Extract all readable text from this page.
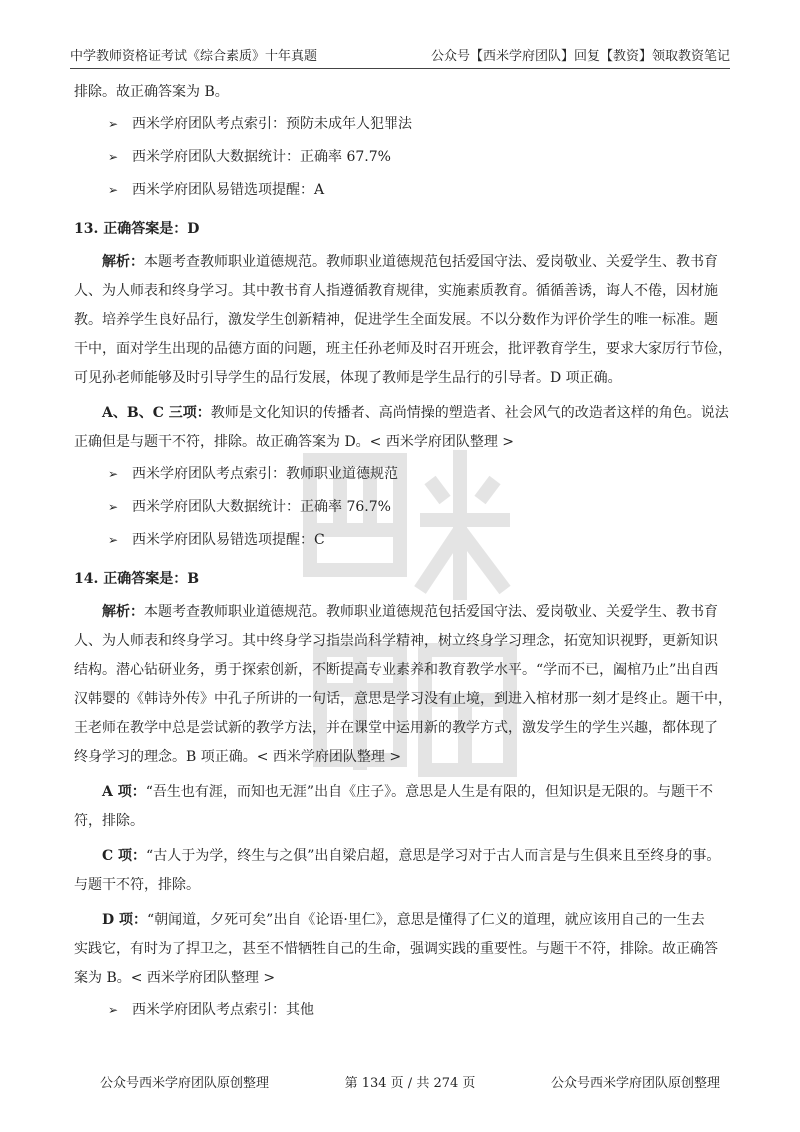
中学教师资格证考试《综合素质》十年真题	公众号【西米学府团队】回复【教资】领取教资笔记
排除。故正确答案为 B。
➢ 西米学府团队考点索引：预防未成年人犯罪法
➢ 西米学府团队大数据统计：正确率 67.7%
➢ 西米学府团队易错选项提醒：A
13. 正确答案是：D
解析：本题考查教师职业道德规范。教师职业道德规范包括爱国守法、爱岗敬业、关爱学生、教书育
人、为人师表和终身学习。其中教书育人指遵循教育规律，实施素质教育。循循善诱，诲人不倦，因材施
教。培养学生良好品行，激发学生创新精神，促进学生全面发展。不以分数作为评价学生的唯一标准。题
干中，面对学生出现的品德方面的问题，班主任孙老师及时召开班会，批评教育学生，要求大家厉行节俭，
可见孙老师能够及时引导学生的品行发展，体现了教师是学生品行的引导者。D 项正确。
A、B、C 三项：教师是文化知识的传播者、高尚情操的塑造者、社会风气的改造者这样的角色。说法
正确但是与题干不符，排除。故正确答案为 D。< 西米学府团队整理 >
➢ 西米学府团队考点索引：教师职业道德规范
➢ 西米学府团队大数据统计：正确率 76.7%
➢ 西米学府团队易错选项提醒：C
14. 正确答案是：B
解析：本题考查教师职业道德规范。教师职业道德规范包括爱国守法、爱岗敬业、关爱学生、教书育
人、为人师表和终身学习。其中终身学习指崇尚科学精神，树立终身学习理念，拓宽知识视野，更新知识
结构。潜心钻研业务，勇于探索创新，不断提高专业素养和教育教学水平。“学而不已，阖棺乃止”出自西
汉韩婴的《韩诗外传》中孔子所讲的一句话，意思是学习没有止境，到进入棺材那一刻才是终止。题干中，
王老师在教学中总是尝试新的教学方法，并在课堂中运用新的教学方式，激发学生的学生兴趣，都体现了
终身学习的理念。B 项正确。< 西米学府团队整理 >
A 项：“吾生也有涯，而知也无涯”出自《庄子》。意思是人生是有限的，但知识是无限的。与题干不
符，排除。
C 项：“古人于为学，终生与之俱”出自梁启超，意思是学习对于古人而言是与生俱来且至终身的事。
与题干不符，排除。
D 项：“朝闻道，夕死可矣”出自《论语·里仁》，意思是懂得了仁义的道理，就应该用自己的一生去
实践它，有时为了捍卫之，甚至不惜牺牲自己的生命，强调实践的重要性。与题干不符，排除。故正确答
案为 B。< 西米学府团队整理 >
➢ 西米学府团队考点索引：其他
公众号西米学府团队原创整理	第 134 页 / 共 274 页	公众号西米学府团队原创整理
